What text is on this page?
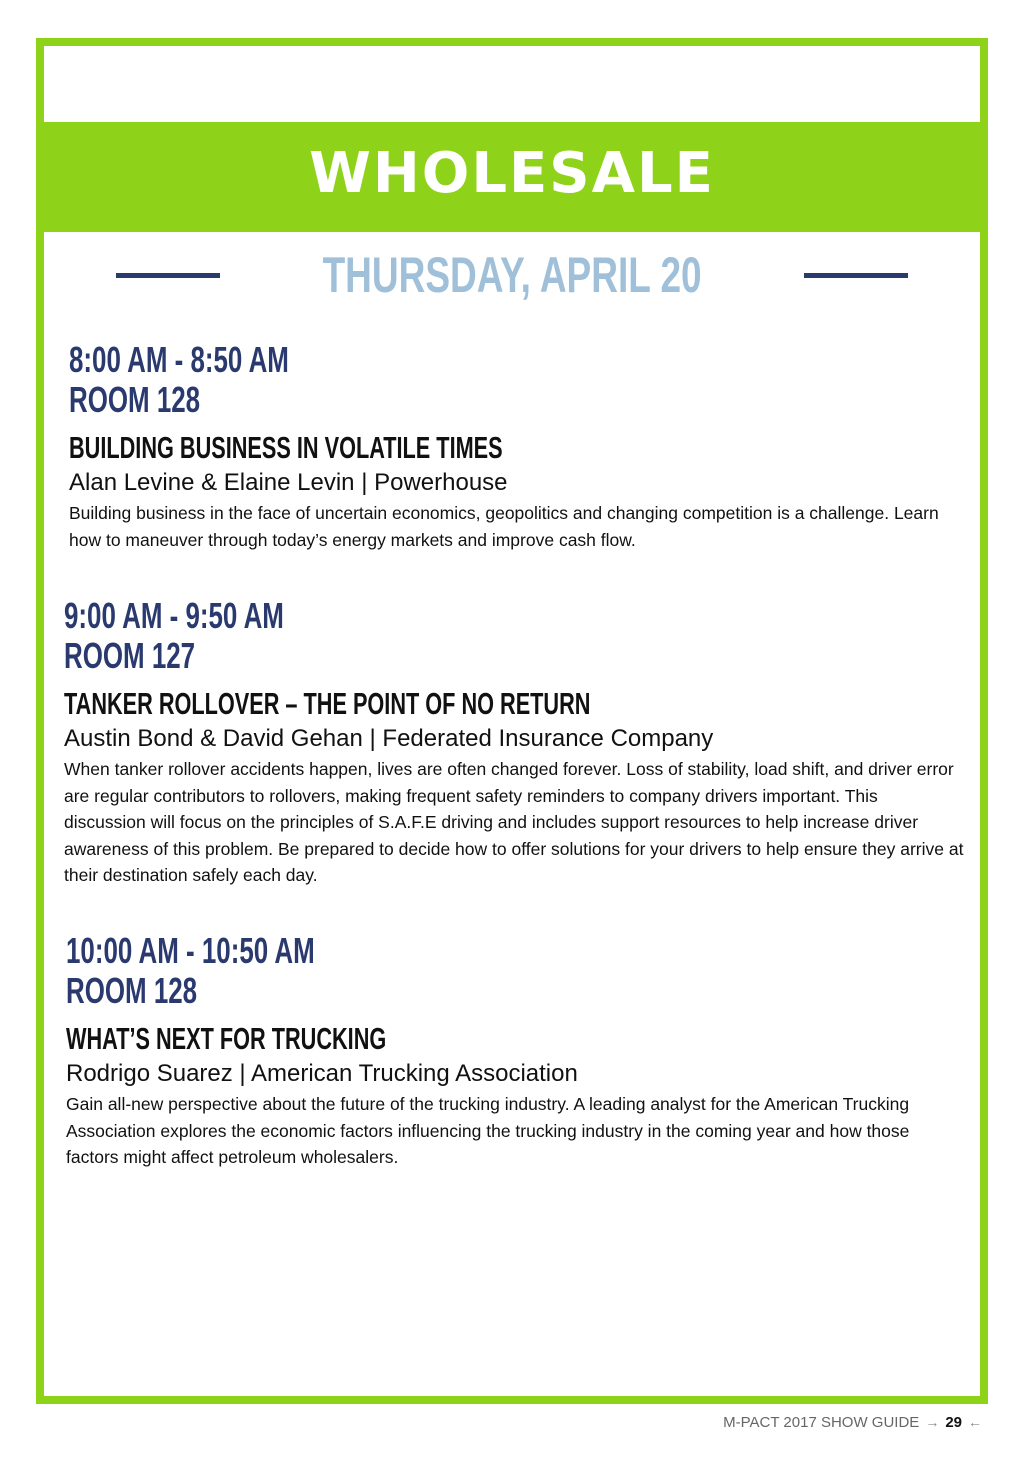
WHOLESALE
THURSDAY, APRIL 20
8:00 AM - 8:50 AM
ROOM 128
BUILDING BUSINESS IN VOLATILE TIMES
Alan Levine & Elaine Levin | Powerhouse
Building business in the face of uncertain economics, geopolitics and changing competition is a challenge. Learn how to maneuver through today’s energy markets and improve cash flow.
9:00 AM - 9:50 AM
ROOM 127
TANKER ROLLOVER – THE POINT OF NO RETURN
Austin Bond & David Gehan | Federated Insurance Company
When tanker rollover accidents happen, lives are often changed forever. Loss of stability, load shift, and driver error are regular contributors to rollovers, making frequent safety reminders to company drivers important. This discussion will focus on the principles of S.A.F.E driving and includes support resources to help increase driver awareness of this problem. Be prepared to decide how to offer solutions for your drivers to help ensure they arrive at their destination safely each day.
10:00 AM - 10:50 AM
ROOM 128
WHAT’S NEXT FOR TRUCKING
Rodrigo Suarez | American Trucking Association
Gain all-new perspective about the future of the trucking industry. A leading analyst for the American Trucking Association explores the economic factors influencing the trucking industry in the coming year and how those factors might affect petroleum wholesalers.
M-PACT 2017 SHOW GUIDE → 29 ←
